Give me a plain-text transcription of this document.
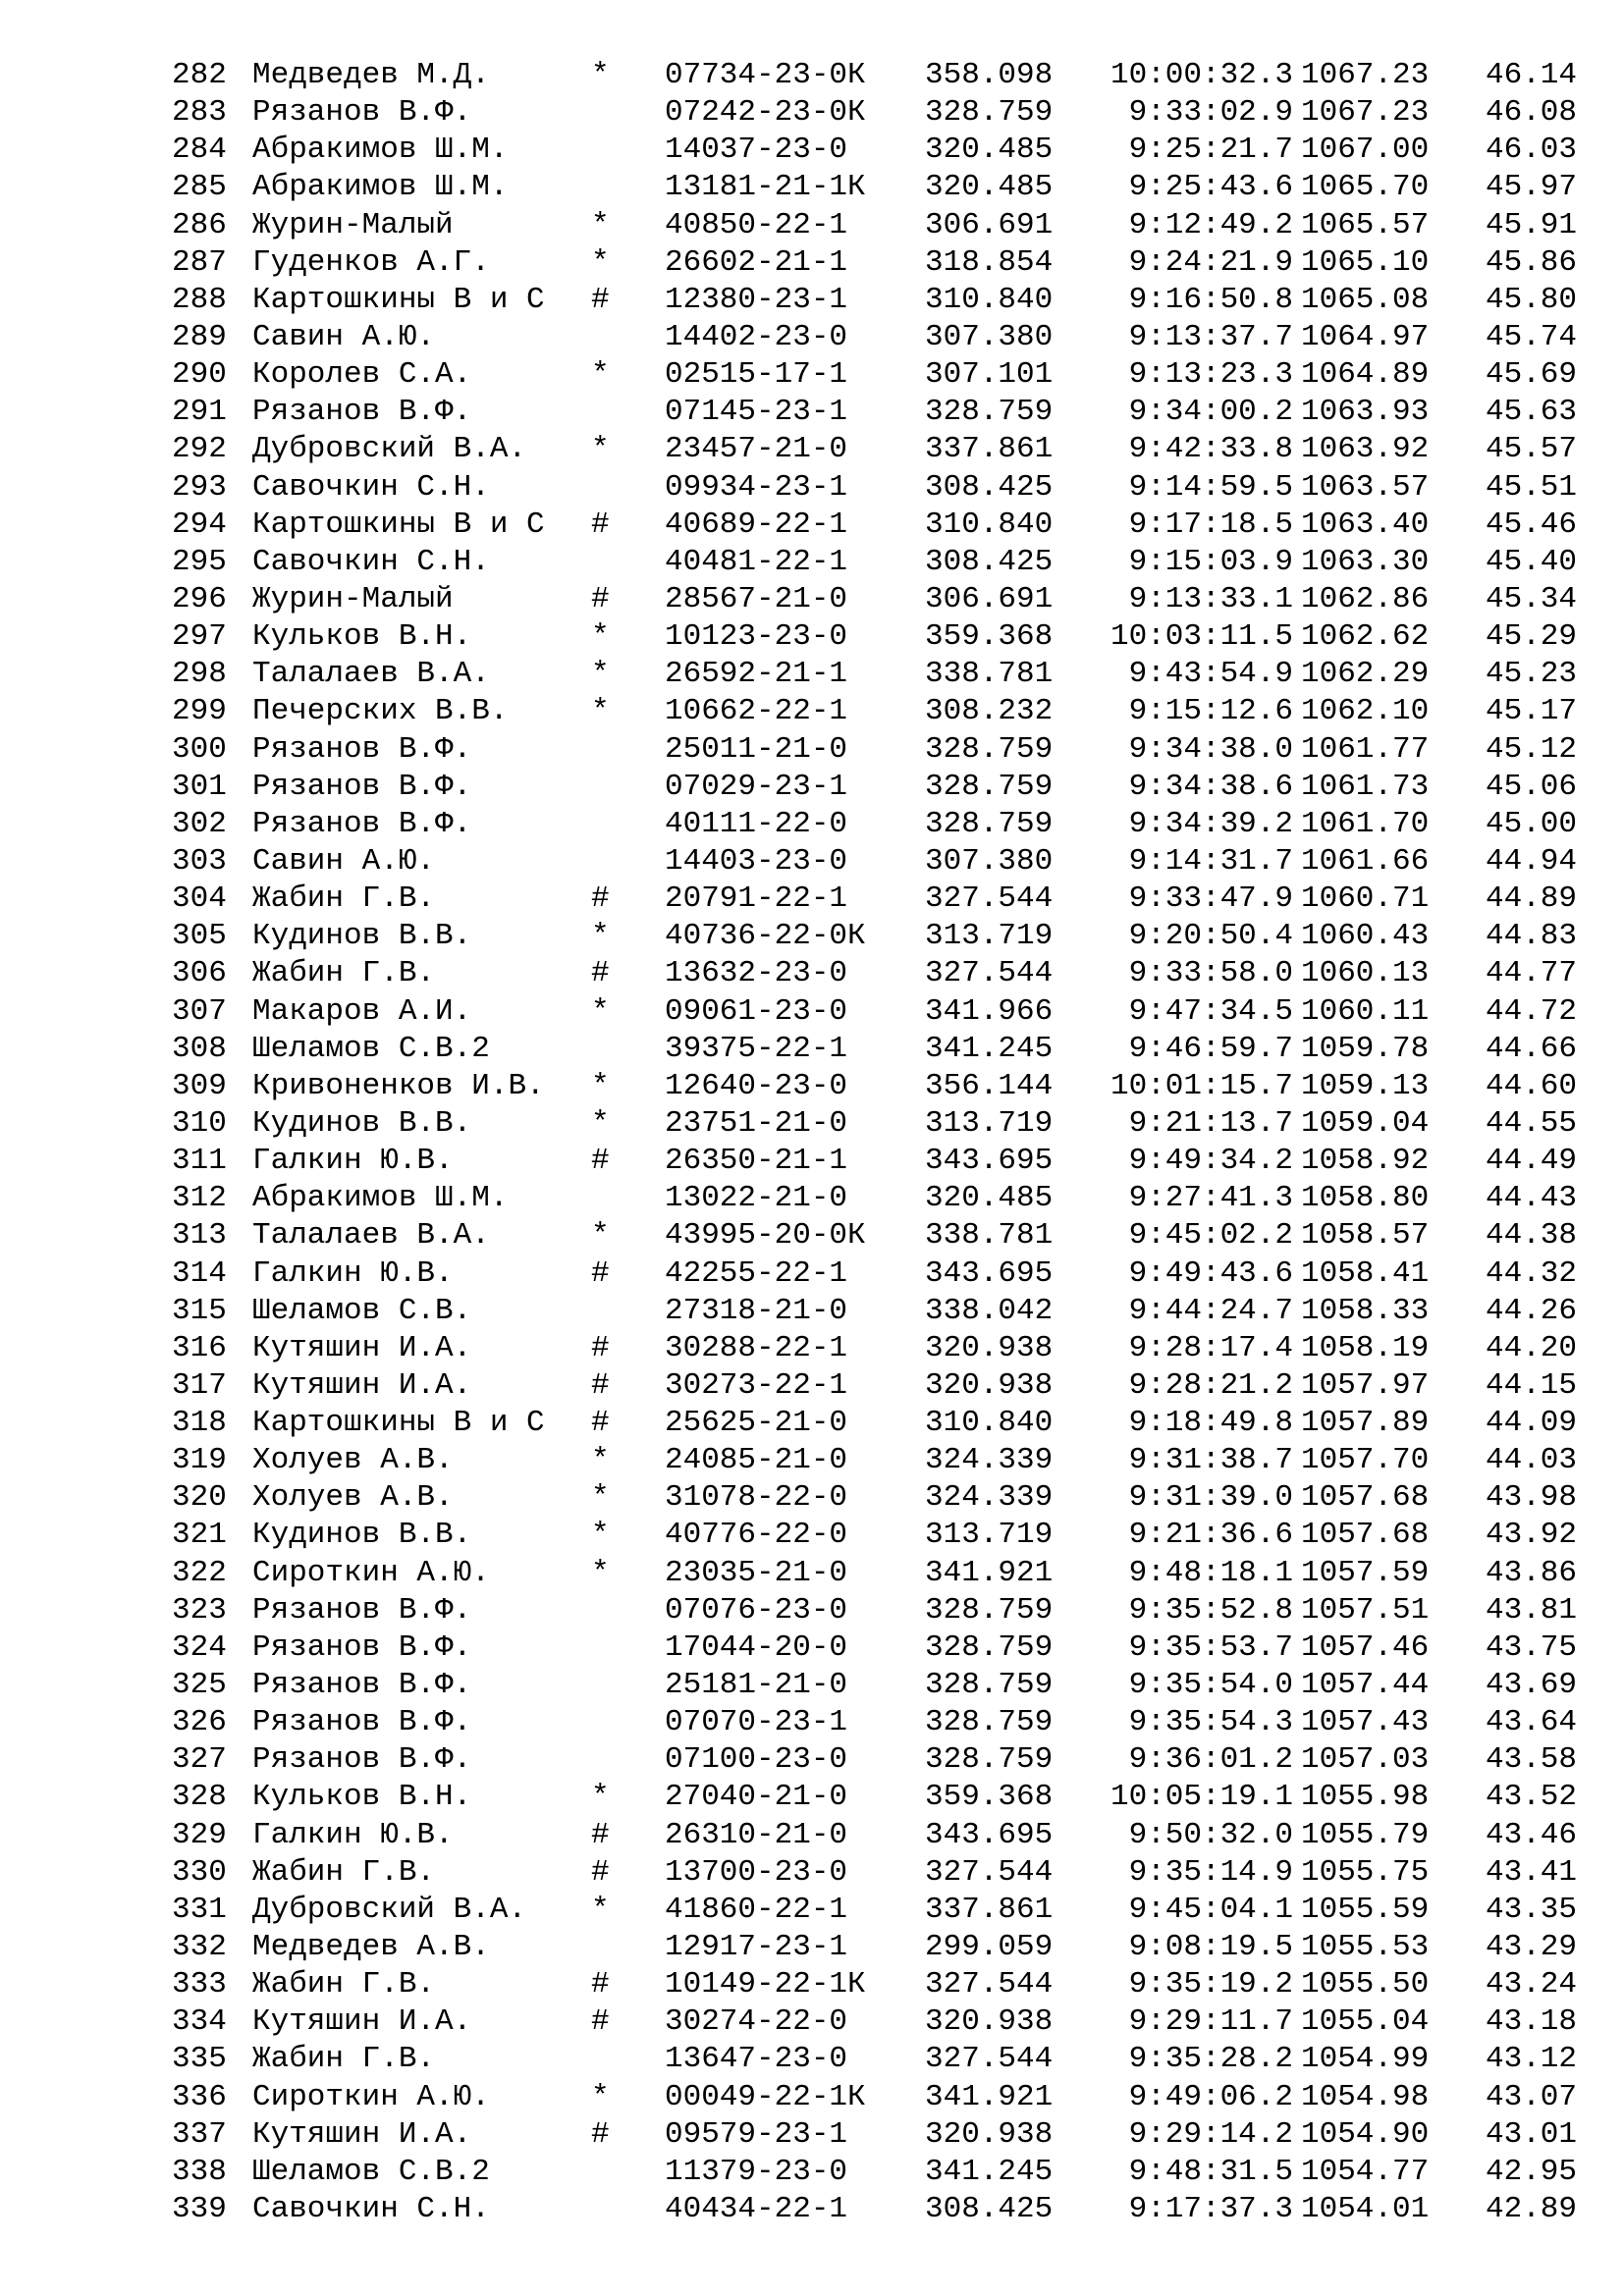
282 Медведев М.Д.	* 07734-23-0К 358.098	10:00:32.3 1067.23 46.14
283 Рязанов В.Ф.	07242-23-0К 328.759	9:33:02.9 1067.23 46.08
284 Абракимов Ш.М.	14037-23-0	320.485	9:25:21.7 1067.00 46.03
285 Абракимов Ш.М.	13181-21-1К 320.485	9:25:43.6 1065.70 45.97
286 Журин-Малый	* 40850-22-1	306.691	9:12:49.2 1065.57 45.91
287 Гуденков А.Г.	* 26602-21-1	318.854	9:24:21.9 1065.10 45.86
288 Картошкины В и С # 12380-23-1	310.840	9:16:50.8 1065.08 45.80
289 Савин А.Ю.	14402-23-0	307.380	9:13:37.7 1064.97 45.74
290 Королев С.А.	* 02515-17-1	307.101	9:13:23.3 1064.89 45.69
291 Рязанов В.Ф.	07145-23-1	328.759	9:34:00.2 1063.93 45.63
292 Дубровский В.А. * 23457-21-0	337.861	9:42:33.8 1063.92 45.57
293 Савочкин С.Н.	09934-23-1	308.425	9:14:59.5 1063.57 45.51
294 Картошкины В и С # 40689-22-1	310.840	9:17:18.5 1063.40 45.46
295 Савочкин С.Н.	40481-22-1	308.425	9:15:03.9 1063.30 45.40
296 Журин-Малый	# 28567-21-0	306.691	9:13:33.1 1062.86 45.34
297 Кульков В.Н.	* 10123-23-0	359.368	10:03:11.5 1062.62 45.29
298 Талалаев В.А.	* 26592-21-1	338.781	9:43:54.9 1062.29 45.23
299 Печерских В.В.	* 10662-22-1	308.232	9:15:12.6 1062.10 45.17
300 Рязанов В.Ф.	25011-21-0	328.759	9:34:38.0 1061.77 45.12
301 Рязанов В.Ф.	07029-23-1	328.759	9:34:38.6 1061.73 45.06
302 Рязанов В.Ф.	40111-22-0	328.759	9:34:39.2 1061.70 45.00
303 Савин А.Ю.	14403-23-0	307.380	9:14:31.7 1061.66 44.94
304 Жабин Г.В.	# 20791-22-1	327.544	9:33:47.9 1060.71 44.89
305 Кудинов В.В.	* 40736-22-0К 313.719	9:20:50.4 1060.43 44.83
306 Жабин Г.В.	# 13632-23-0	327.544	9:33:58.0 1060.13 44.77
307 Макаров А.И.	* 09061-23-0	341.966	9:47:34.5 1060.11 44.72
308 Шеламов С.В.2	39375-22-1	341.245	9:46:59.7 1059.78 44.66
309 Кривоненков И.В. * 12640-23-0	356.144	10:01:15.7 1059.13 44.60
310 Кудинов В.В.	* 23751-21-0	313.719	9:21:13.7 1059.04 44.55
311 Галкин Ю.В.	# 26350-21-1	343.695	9:49:34.2 1058.92 44.49
312 Абракимов Ш.М.	13022-21-0	320.485	9:27:41.3 1058.80 44.43
313 Талалаев В.А.	* 43995-20-0К 338.781	9:45:02.2 1058.57 44.38
314 Галкин Ю.В.	# 42255-22-1	343.695	9:49:43.6 1058.41 44.32
315 Шеламов С.В.	27318-21-0	338.042	9:44:24.7 1058.33 44.26
316 Кутяшин И.А.	# 30288-22-1	320.938	9:28:17.4 1058.19 44.20
317 Кутяшин И.А.	# 30273-22-1	320.938	9:28:21.2 1057.97 44.15
318 Картошкины В и С # 25625-21-0	310.840	9:18:49.8 1057.89 44.09
319 Холуев А.В.	* 24085-21-0	324.339	9:31:38.7 1057.70 44.03
320 Холуев А.В.	* 31078-22-0	324.339	9:31:39.0 1057.68 43.98
321 Кудинов В.В.	* 40776-22-0	313.719	9:21:36.6 1057.68 43.92
322 Сироткин А.Ю.	* 23035-21-0	341.921	9:48:18.1 1057.59 43.86
323 Рязанов В.Ф.	07076-23-0	328.759	9:35:52.8 1057.51 43.81
324 Рязанов В.Ф.	17044-20-0	328.759	9:35:53.7 1057.46 43.75
325 Рязанов В.Ф.	25181-21-0	328.759	9:35:54.0 1057.44 43.69
326 Рязанов В.Ф.	07070-23-1	328.759	9:35:54.3 1057.43 43.64
327 Рязанов В.Ф.	07100-23-0	328.759	9:36:01.2 1057.03 43.58
328 Кульков В.Н.	* 27040-21-0	359.368	10:05:19.1 1055.98 43.52
329 Галкин Ю.В.	# 26310-21-0	343.695	9:50:32.0 1055.79 43.46
330 Жабин Г.В.	# 13700-23-0	327.544	9:35:14.9 1055.75 43.41
331 Дубровский В.А. * 41860-22-1	337.861	9:45:04.1 1055.59 43.35
332 Медведев А.В.	12917-23-1	299.059	9:08:19.5 1055.53 43.29
333 Жабин Г.В.	# 10149-22-1К 327.544	9:35:19.2 1055.50 43.24
334 Кутяшин И.А.	# 30274-22-0	320.938	9:29:11.7 1055.04 43.18
335 Жабин Г.В.	13647-23-0	327.544	9:35:28.2 1054.99 43.12
336 Сироткин А.Ю.	* 00049-22-1К 341.921	9:49:06.2 1054.98 43.07
337 Кутяшин И.А.	# 09579-23-1	320.938	9:29:14.2 1054.90 43.01
338 Шеламов С.В.2	11379-23-0	341.245	9:48:31.5 1054.77 42.95
339 Савочкин С.Н.	40434-22-1	308.425	9:17:37.3 1054.01 42.89
